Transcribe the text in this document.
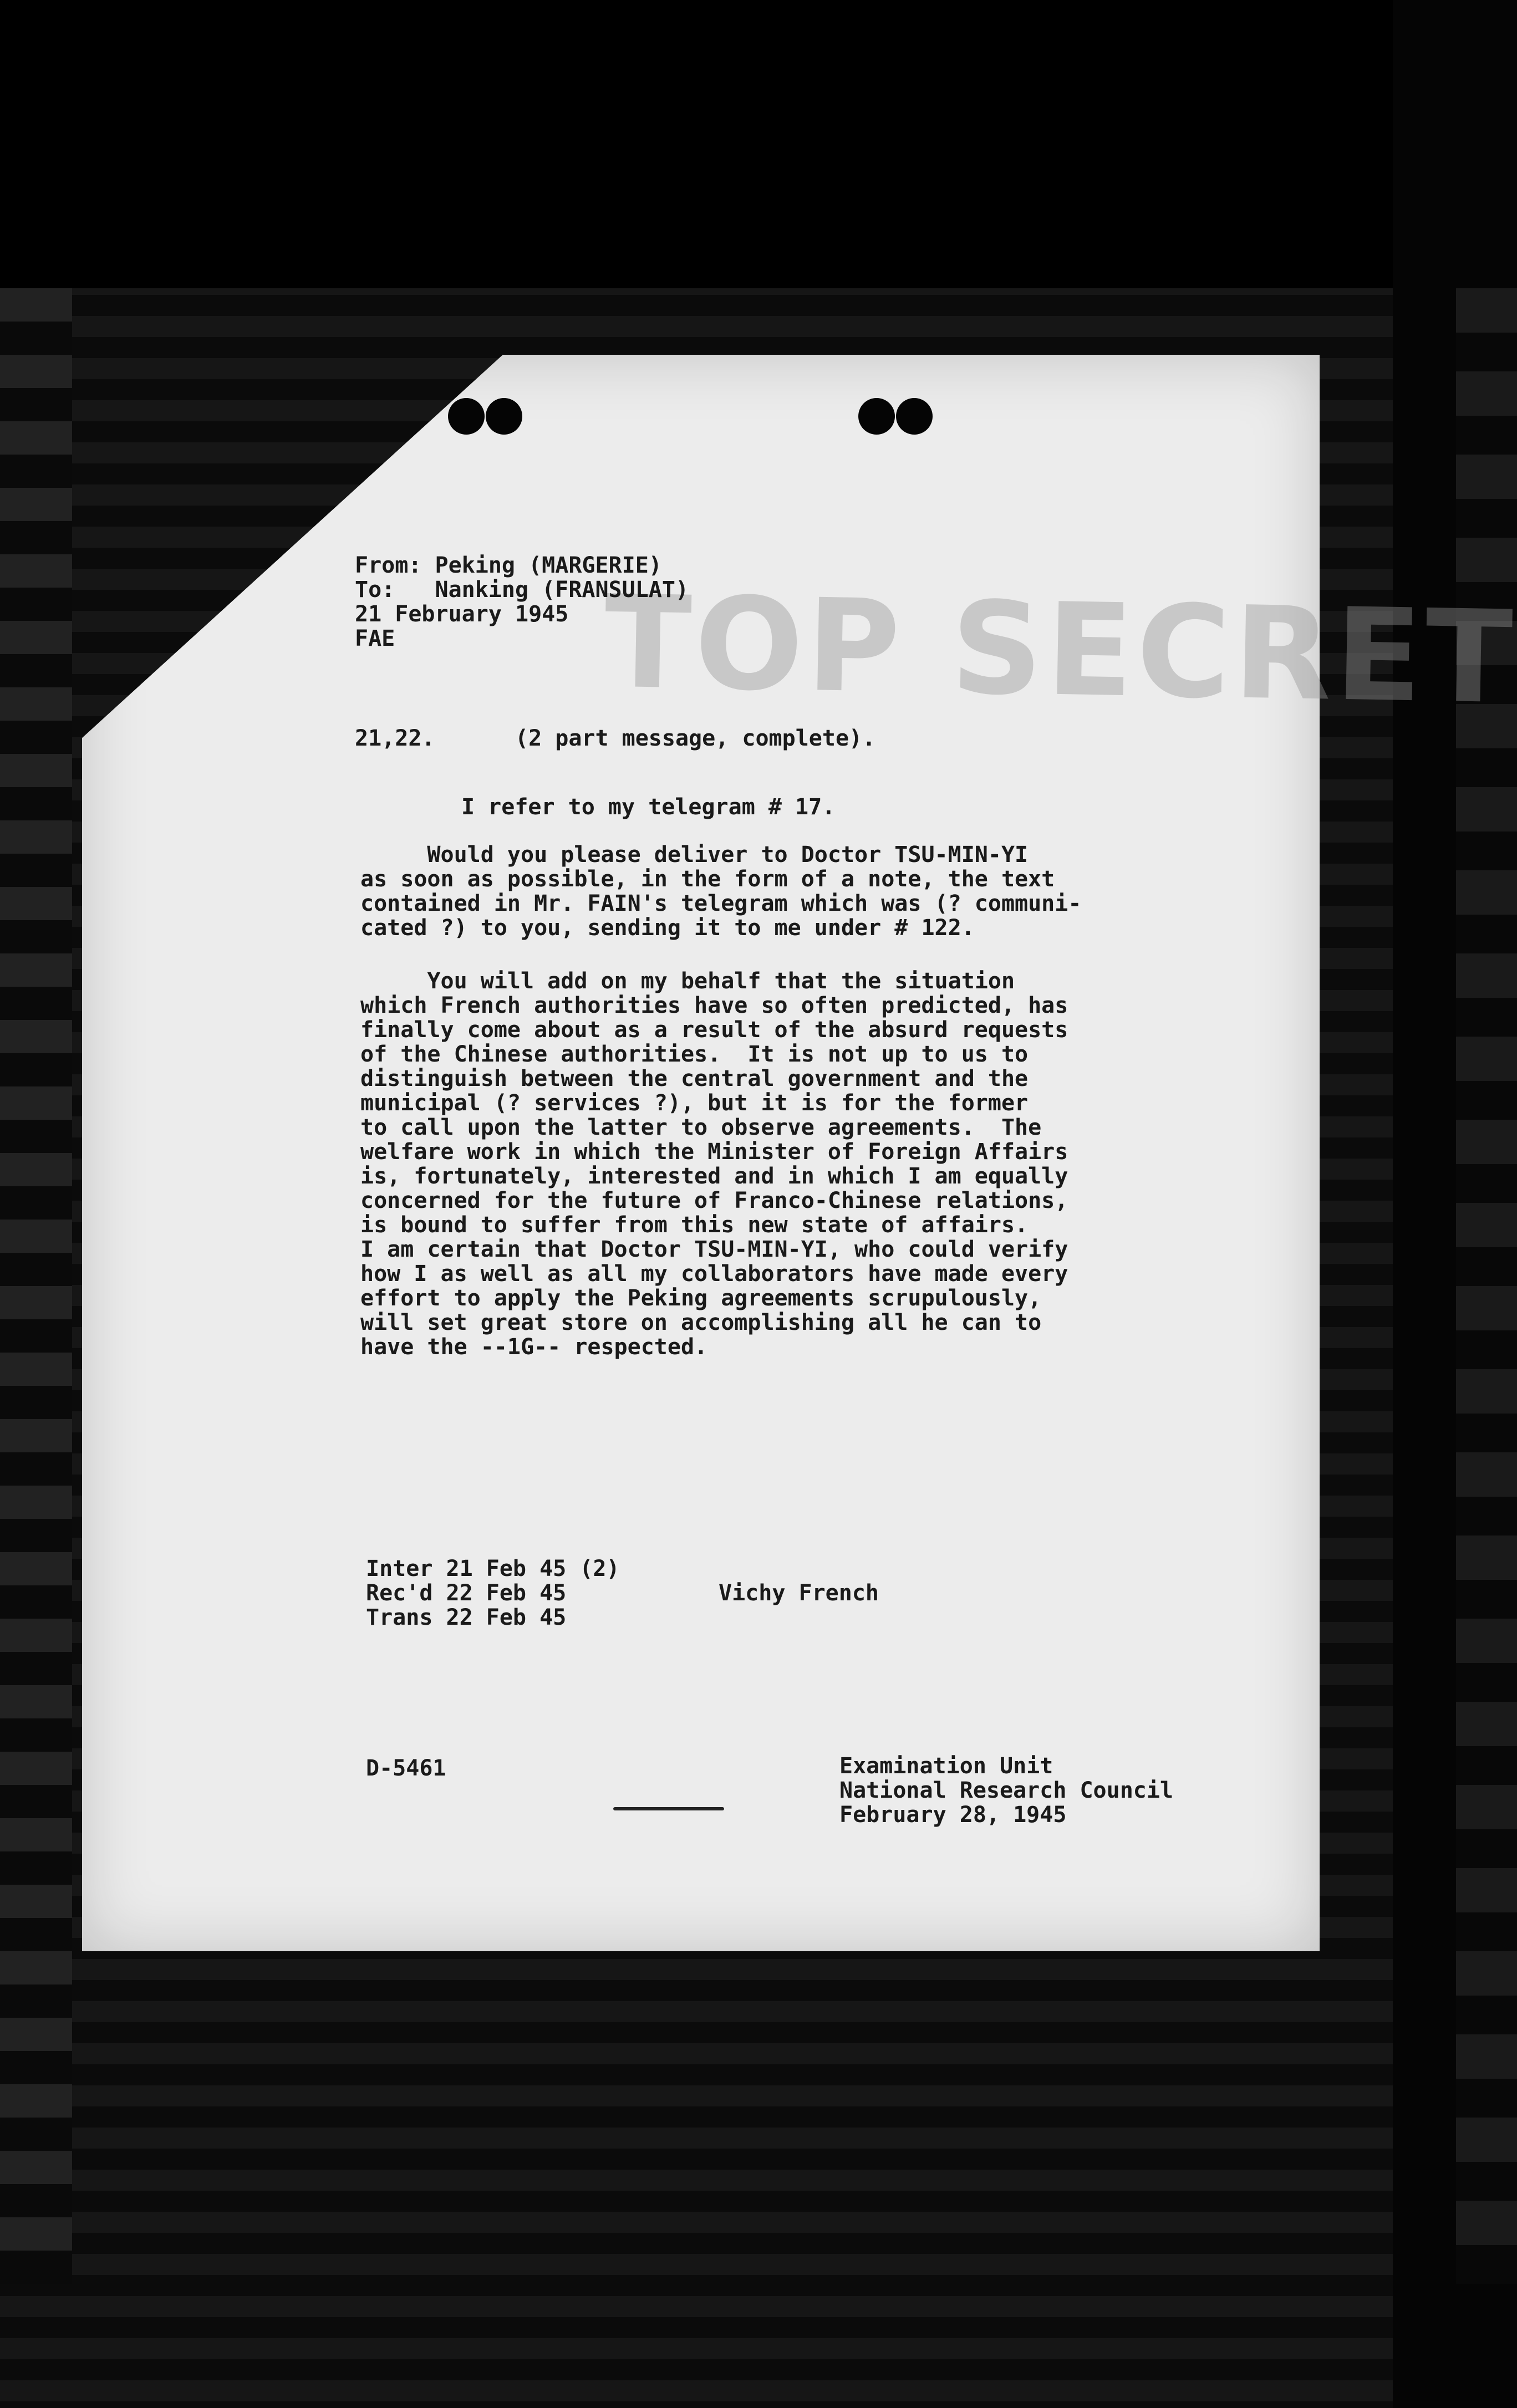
TOP SECRET
From: Peking (MARGERIE)
To:   Nanking (FRANSULAT)
21 February 1945
FAE
21,22.      (2 part message, complete).
I refer to my telegram # 17.
Would you please deliver to Doctor TSU-MIN-YI
as soon as possible, in the form of a note, the text
contained in Mr. FAIN's telegram which was (? communi-
cated ?) to you, sending it to me under # 122.
You will add on my behalf that the situation
which French authorities have so often predicted, has
finally come about as a result of the absurd requests
of the Chinese authorities.  It is not up to us to
distinguish between the central government and the
municipal (? services ?), but it is for the former
to call upon the latter to observe agreements.  The
welfare work in which the Minister of Foreign Affairs
is, fortunately, interested and in which I am equally
concerned for the future of Franco-Chinese relations,
is bound to suffer from this new state of affairs.
I am certain that Doctor TSU-MIN-YI, who could verify
how I as well as all my collaborators have made every
effort to apply the Peking agreements scrupulously,
will set great store on accomplishing all he can to
have the --1G-- respected.
Inter 21 Feb 45 (2)
Rec'd 22 Feb 45
Trans 22 Feb 45
Vichy French
D-5461	Examination Unit
National Research Council
February 28, 1945
